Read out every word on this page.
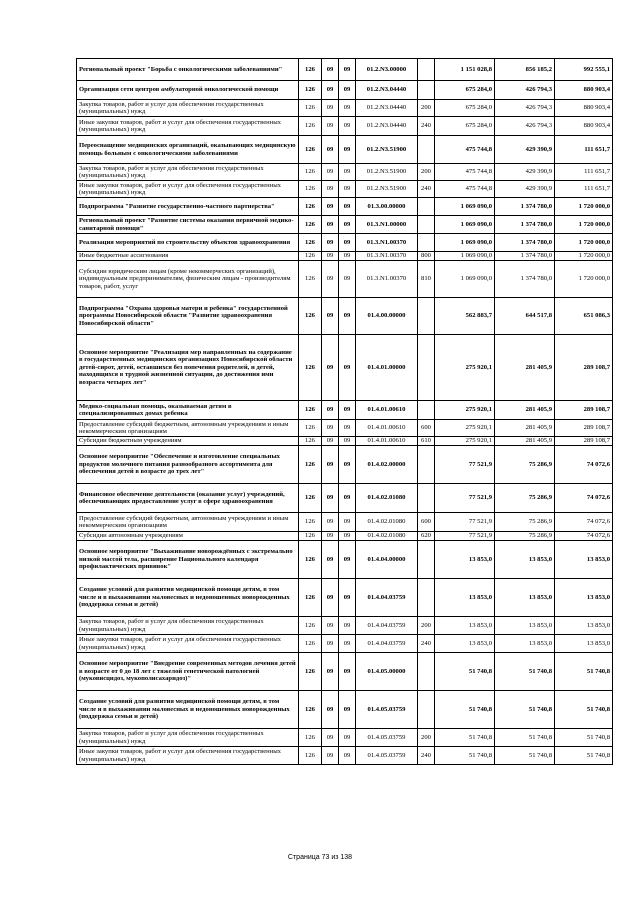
Региональный проект "Борьба с онкологическими заболеваниями"	126	09	09	01.2.N3.00000		1 151 028,8	856 185,2	992 555,1
Организация сети центров амбулаторной онкологической помощи	126	09	09	01.2.N3.04440		675 284,0	426 794,3	880 903,4
Закупка товаров, работ и услуг для обеспечения государственных (муниципальных) нужд	126	09	09	01.2.N3.04440	200	675 284,0	426 794,3	880 903,4
Иные закупки товаров, работ и услуг для обеспечения государственных (муниципальных) нужд	126	09	09	01.2.N3.04440	240	675 284,0	426 794,3	880 903,4
Переоснащение медицинских организаций, оказывающих медицинскую помощь больным с онкологическими заболеваниями	126	09	09	01.2.N3.51900		475 744,8	429 390,9	111 651,7
Закупка товаров, работ и услуг для обеспечения государственных (муниципальных) нужд	126	09	09	01.2.N3.51900	200	475 744,8	429 390,9	111 651,7
Иные закупки товаров, работ и услуг для обеспечения государственных (муниципальных) нужд	126	09	09	01.2.N3.51900	240	475 744,8	429 390,9	111 651,7
Подпрограмма "Развитие государственно-частного партнерства"	126	09	09	01.3.00.00000		1 069 090,0	1 374 780,0	1 720 000,0
Региональный проект "Развитие системы оказания первичной медико-санитарной помощи"	126	09	09	01.3.N1.00000		1 069 090,0	1 374 780,0	1 720 000,0
Реализация мероприятий по строительству объектов здравоохранения	126	09	09	01.3.N1.00370		1 069 090,0	1 374 780,0	1 720 000,0
Иные бюджетные ассигнования	126	09	09	01.3.N1.00370	800	1 069 090,0	1 374 780,0	1 720 000,0
Субсидии юридическим лицам (кроме некоммерческих организаций), индивидуальным предпринимателям, физическим лицам - производителям товаров, работ, услуг	126	09	09	01.3.N1.00370	810	1 069 090,0	1 374 780,0	1 720 000,0
Подпрограмма "Охрана здоровья матери и ребенка" государственной программы Новосибирской области "Развитие здравоохранения Новосибирской области"	126	09	09	01.4.00.00000		562 883,7	644 517,8	651 086,3
Основное мероприятие "Реализация мер направленных на содержание в государственных медицинских организациях Новосибирской области детей-сирот, детей, оставшихся без попечения родителей, и детей, находящихся в трудной жизненной ситуации, до достижения ими возраста четырех лет"	126	09	09	01.4.01.00000		275 920,1	281 405,9	289 108,7
Медико-социальная помощь, оказываемая детям в специализированных домах ребенка	126	09	09	01.4.01.00610		275 920,1	281 405,9	289 108,7
Предоставление субсидий бюджетным, автономным учреждениям и иным некоммерческим организациям	126	09	09	01.4.01.00610	600	275 920,1	281 405,9	289 108,7
Субсидии бюджетным учреждениям	126	09	09	01.4.01.00610	610	275 920,1	281 405,9	289 108,7
Основное мероприятие "Обеспечение и изготовление специальных продуктов молочного питания разнообразного ассортимента для обеспечения детей в возрасте до трех лет"	126	09	09	01.4.02.00000		77 521,9	75 286,9	74 072,6
Финансовое обеспечение деятельности (оказание услуг) учреждений, обеспечивающих предоставление услуг в сфере здравоохранения	126	09	09	01.4.02.01080		77 521,9	75 286,9	74 072,6
Предоставление субсидий бюджетным, автономным учреждениям и иным некоммерческим организациям	126	09	09	01.4.02.01080	600	77 521,9	75 286,9	74 072,6
Субсидии автономным учреждениям	126	09	09	01.4.02.01080	620	77 521,9	75 286,9	74 072,6
Основное мероприятие "Выхаживание новорождённых с экстремально низкой массой тела, расширение Национального календаря профилактических прививок"	126	09	09	01.4.04.00000		13 853,0	13 853,0	13 853,0
Создание условий для развития медицинской помощи детям, в том числе и в выхаживании маловесных и недоношенных новорожденных (поддержка семьи и детей)	126	09	09	01.4.04.03759		13 853,0	13 853,0	13 853,0
Закупка товаров, работ и услуг для обеспечения государственных (муниципальных) нужд	126	09	09	01.4.04.03759	200	13 853,0	13 853,0	13 853,0
Иные закупки товаров, работ и услуг для обеспечения государственных (муниципальных) нужд	126	09	09	01.4.04.03759	240	13 853,0	13 853,0	13 853,0
Основное мероприятие "Внедрение современных методов лечения детей в возрасте от 0 до 18 лет с тяжелой генетической патологией (муковисцидоз, мукополисахаридоз)"	126	09	09	01.4.05.00000		51 740,8	51 740,8	51 740,8
Создание условий для развития медицинской помощи детям, в том числе и в выхаживании маловесных и недоношенных новорожденных (поддержка семьи и детей)	126	09	09	01.4.05.03759		51 740,8	51 740,8	51 740,8
Закупка товаров, работ и услуг для обеспечения государственных (муниципальных) нужд	126	09	09	01.4.05.03759	200	51 740,8	51 740,8	51 740,8
Иные закупки товаров, работ и услуг для обеспечения государственных (муниципальных) нужд	126	09	09	01.4.05.03759	240	51 740,8	51 740,8	51 740,8
Страница 73 из 138
